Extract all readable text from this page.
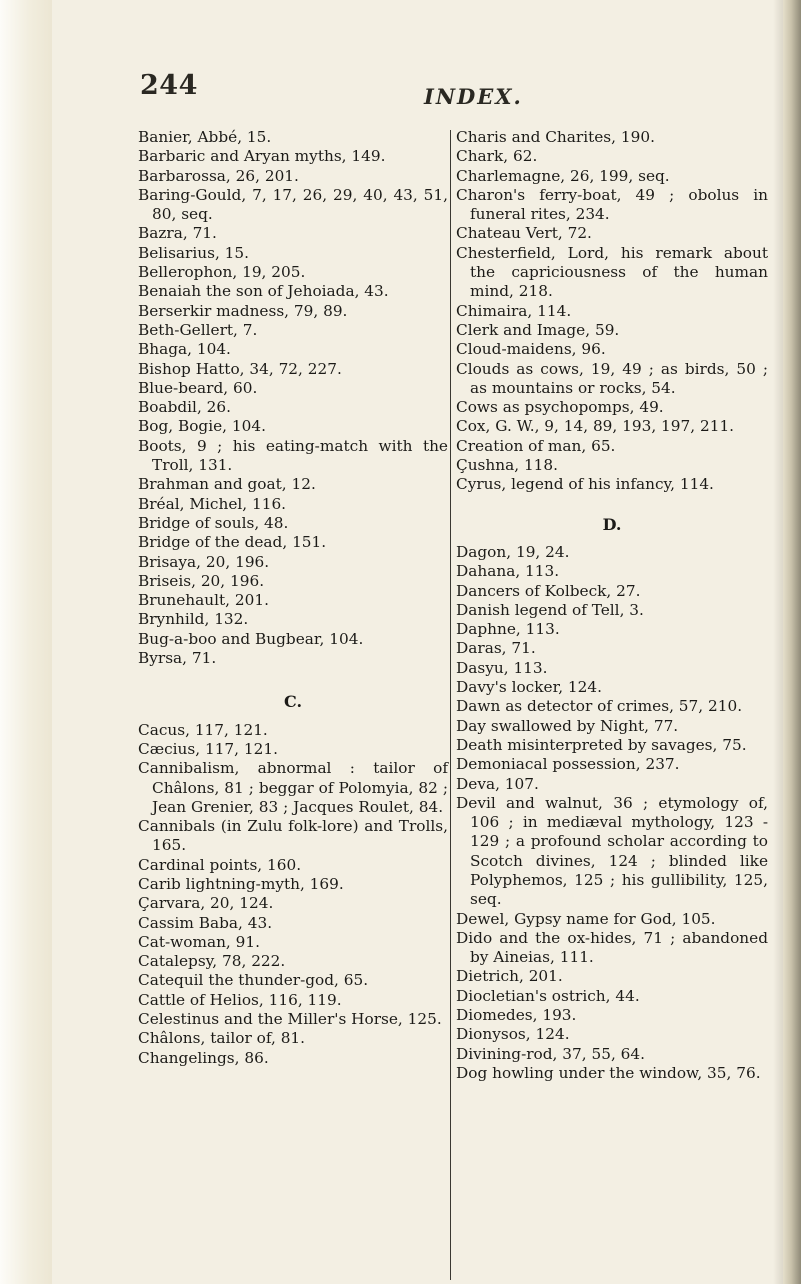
244	INDEX.

Banier, Abbé, 15.

Barbaric and Aryan myths, 149.

Barbarossa, 26, 201.

Baring-Gould, 7, 17, 26, 29, 40, 43, 51, 80, seq.

Bazra, 71.

Belisarius, 15.

Bellerophon, 19, 205.

Benaiah the son of Jehoiada, 43.

Berserkir madness, 79, 89.

Beth-Gellert, 7.

Bhaga, 104.

Bishop Hatto, 34, 72, 227.

Blue-beard, 60.

Boabdil, 26.

Bog, Bogie, 104.

Boots, 9 ; his eating-match with the Troll, 131.

Brahman and goat, 12.

Bréal, Michel, 116.

Bridge of souls, 48.

Bridge of the dead, 151.

Brisaya, 20, 196.

Briseis, 20, 196.

Brunehault, 201.

Brynhild, 132.

Bug-a-boo and Bugbear, 104.

Byrsa, 71.

C.

Cacus, 117, 121.

Cæcius, 117, 121.

Cannibalism, abnormal : tailor of Châlons, 81 ; beggar of Polomyia, 82 ; Jean Grenier, 83 ; Jacques Roulet, 84.

Cannibals (in Zulu folk-lore) and Trolls, 165.

Cardinal points, 160.

Carib lightning-myth, 169.

Çarvara, 20, 124.

Cassim Baba, 43.

Cat-woman, 91.

Catalepsy, 78, 222.

Catequil the thunder-god, 65.

Cattle of Helios, 116, 119.

Celestinus and the Miller's Horse, 125.

Châlons, tailor of, 81.

Changelings, 86.

Charis and Charites, 190.

Chark, 62.

Charlemagne, 26, 199, seq.

Charon's ferry-boat, 49 ; obolus in funeral rites, 234.

Chateau Vert, 72.

Chesterfield, Lord, his remark about the capriciousness of the human mind, 218.

Chimaira, 114.

Clerk and Image, 59.

Cloud-maidens, 96.

Clouds as cows, 19, 49 ; as birds, 50 ; as mountains or rocks, 54.

Cows as psychopomps, 49.

Cox, G. W., 9, 14, 89, 193, 197, 211.

Creation of man, 65.

Çushna, 118.

Cyrus, legend of his infancy, 114.

D.

Dagon, 19, 24.

Dahana, 113.

Dancers of Kolbeck, 27.

Danish legend of Tell, 3.

Daphne, 113.

Daras, 71.

Dasyu, 113.

Davy's locker, 124.

Dawn as detector of crimes, 57, 210.

Day swallowed by Night, 77.

Death misinterpreted by savages, 75.

Demoniacal possession, 237.

Deva, 107.

Devil and walnut, 36 ; etymology of, 106 ; in mediæval mythology, 123 - 129 ; a profound scholar according to Scotch divines, 124 ; blinded like Polyphemos, 125 ; his gullibility, 125, seq.

Dewel, Gypsy name for God, 105.

Dido and the ox-hides, 71 ; abandoned by Aineias, 111.

Dietrich, 201.

Diocletian's ostrich, 44.

Diomedes, 193.

Dionysos, 124.

Divining-rod, 37, 55, 64.

Dog howling under the window, 35, 76.
